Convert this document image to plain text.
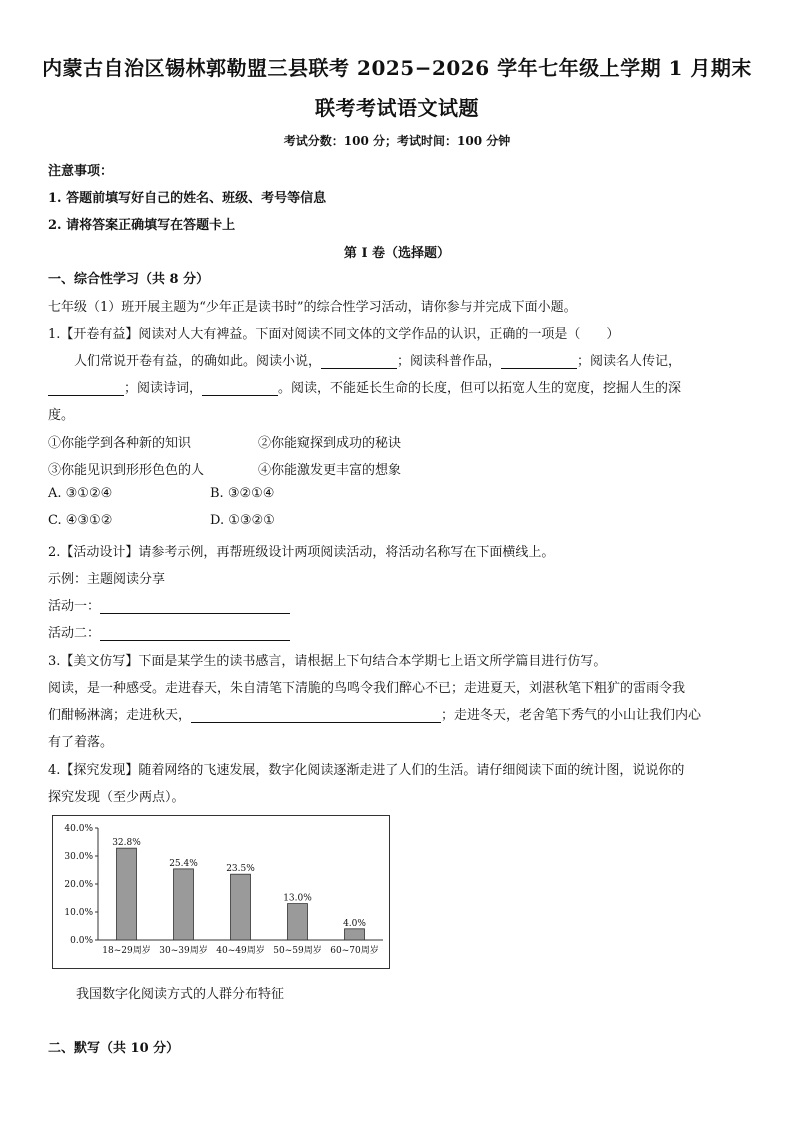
内蒙古自治区锡林郭勒盟三县联考 2025−2026 学年七年级上学期 1 月期末
联考考试语文试题
考试分数：100 分；考试时间：100 分钟
注意事项：
1. 答题前填写好自己的姓名、班级、考号等信息
2. 请将答案正确填写在答题卡上
第 I 卷（选择题）
一、综合性学习（共 8 分）
七年级（1）班开展主题为“少年正是读书时”的综合性学习活动，请你参与并完成下面小题。
1.【开卷有益】阅读对人大有裨益。下面对阅读不同文体的文学作品的认识，正确的一项是（　　）
人们常说开卷有益，的确如此。阅读小说，	；阅读科普作品，	；阅读名人传记，
；阅读诗词，	。阅读，不能延长生命的长度，但可以拓宽人生的宽度，挖掘人生的深
度。
①你能学到各种新的知识	②你能窥探到成功的秘诀
③你能见识到形形色色的人	④你能激发更丰富的想象
A. ③①②④	B. ③②①④
C. ④③①②	D. ①③②①
2.【活动设计】请参考示例，再帮班级设计两项阅读活动，将活动名称写在下面横线上。
示例：主题阅读分享
活动一：
活动二：
3.【美文仿写】下面是某学生的读书感言，请根据上下句结合本学期七上语文所学篇目进行仿写。
阅读，是一种感受。走进春天，朱自清笔下清脆的鸟鸣令我们醉心不已；走进夏天，刘湛秋笔下粗犷的雷雨令我
们酣畅淋漓；走进秋天，	；走进冬天，老舍笔下秀气的小山让我们内心
有了着落。
4.【探究发现】随着网络的飞速发展，数字化阅读逐渐走进了人们的生活。请仔细阅读下面的统计图，说说你的
探究发现（至少两点）。
0.0%
10.0%
20.0%
30.0%
40.0%
32.8%
18~29周岁
25.4%
30~39周岁
23.5%
40~49周岁
13.0%
50~59周岁
4.0%
60~70周岁
我国数字化阅读方式的人群分布特征
二、默写（共 10 分）
